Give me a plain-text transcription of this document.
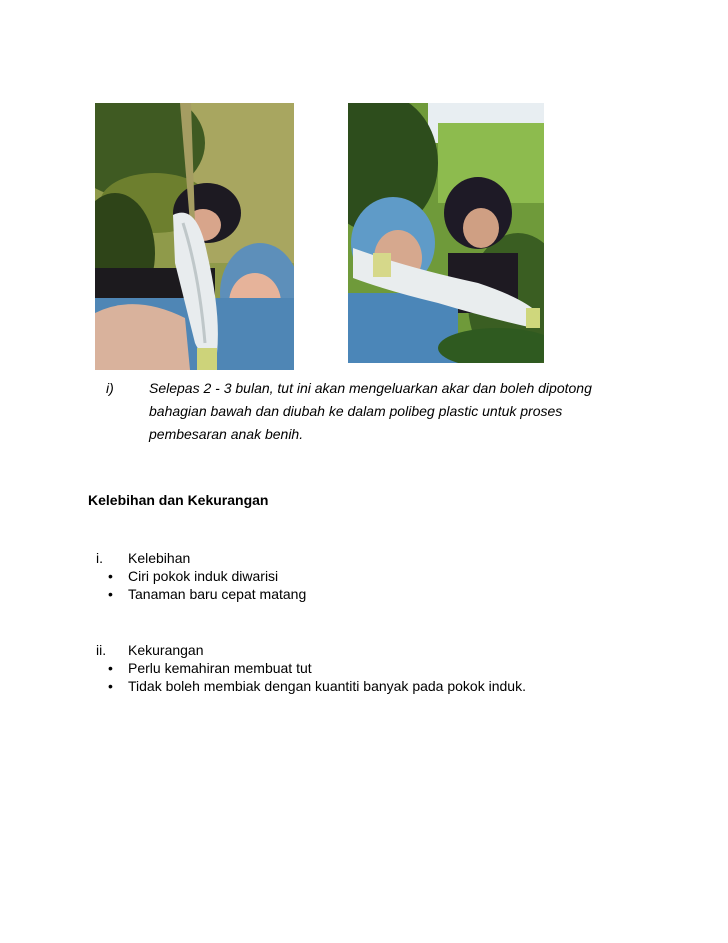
i)	Selepas 2 - 3 bulan, tut ini akan mengeluarkan akar dan boleh dipotong bahagian bawah dan diubah ke dalam polibeg plastic untuk proses pembesaran anak benih.
Kelebihan dan Kekurangan
i. Kelebihan
• Ciri pokok induk diwarisi
• Tanaman baru cepat matang
ii. Kekurangan
• Perlu kemahiran membuat tut
• Tidak boleh membiak dengan kuantiti banyak pada pokok induk.
